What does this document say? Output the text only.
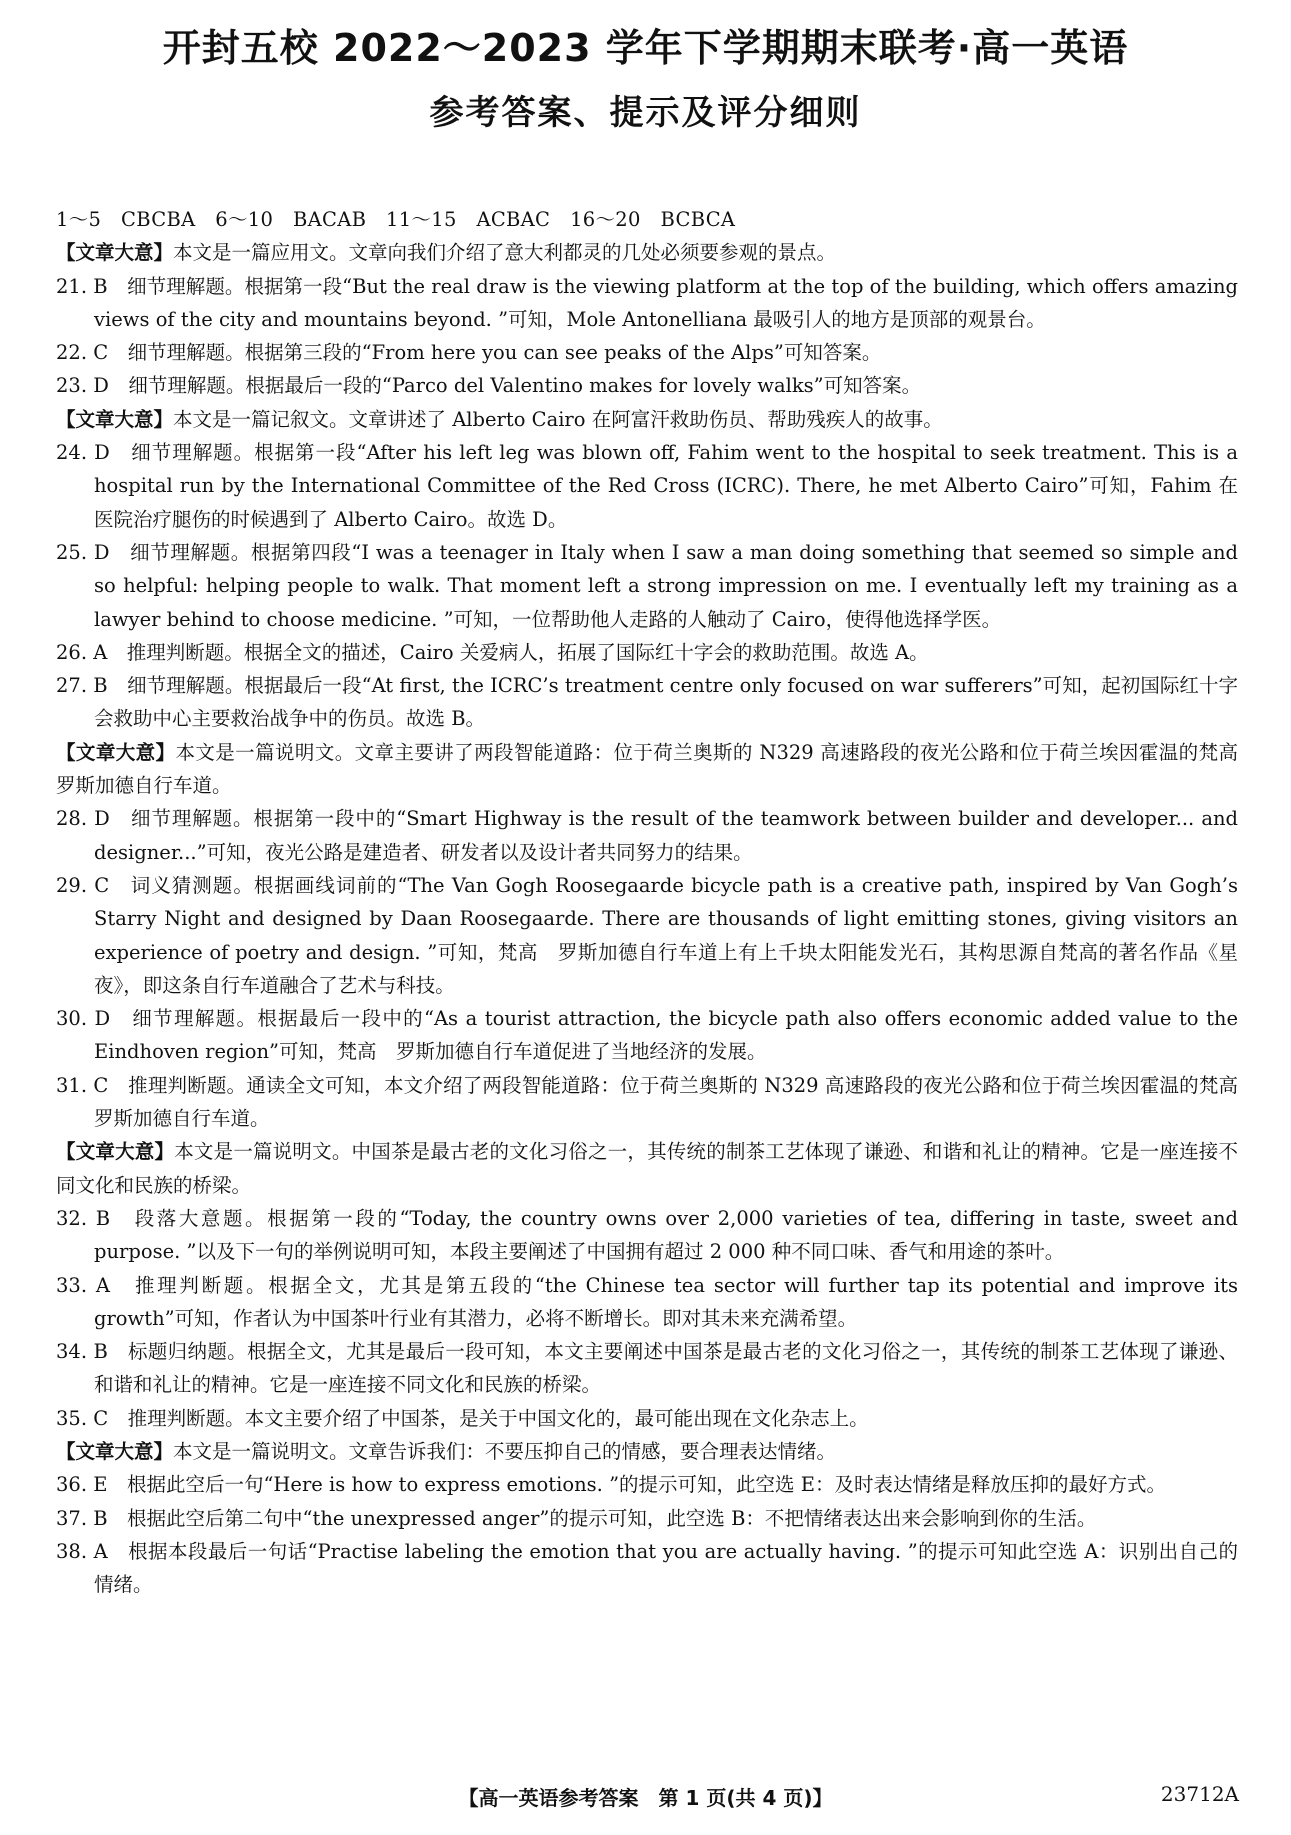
开封五校 2022～2023 学年下学期期末联考·高一英语
参考答案、提示及评分细则
1～5　CBCBA　6～10　BACAB　11～15　ACBAC　16～20　BCBCA
【文章大意】本文是一篇应用文。文章向我们介绍了意大利都灵的几处必须要参观的景点。
21. B　细节理解题。根据第一段“But the real draw is the viewing platform at the top of the building, which offers amazing views of the city and mountains beyond. ”可知，Mole Antonelliana 最吸引人的地方是顶部的观景台。
22. C　细节理解题。根据第三段的“From here you can see peaks of the Alps”可知答案。
23. D　细节理解题。根据最后一段的“Parco del Valentino makes for lovely walks”可知答案。
【文章大意】本文是一篇记叙文。文章讲述了 Alberto Cairo 在阿富汗救助伤员、帮助残疾人的故事。
24. D　细节理解题。根据第一段“After his left leg was blown off, Fahim went to the hospital to seek treatment. This is a hospital run by the International Committee of the Red Cross (ICRC). There, he met Alberto Cairo”可知，Fahim 在医院治疗腿伤的时候遇到了 Alberto Cairo。故选 D。
25. D　细节理解题。根据第四段“I was a teenager in Italy when I saw a man doing something that seemed so simple and so helpful: helping people to walk. That moment left a strong impression on me. I eventually left my training as a lawyer behind to choose medicine. ”可知，一位帮助他人走路的人触动了 Cairo，使得他选择学医。
26. A　推理判断题。根据全文的描述，Cairo 关爱病人，拓展了国际红十字会的救助范围。故选 A。
27. B　细节理解题。根据最后一段“At first, the ICRC’s treatment centre only focused on war sufferers”可知，起初国际红十字会救助中心主要救治战争中的伤员。故选 B。
【文章大意】本文是一篇说明文。文章主要讲了两段智能道路：位于荷兰奥斯的 N329 高速路段的夜光公路和位于荷兰埃因霍温的梵高　罗斯加德自行车道。
28. D　细节理解题。根据第一段中的“Smart Highway is the result of the teamwork between builder and developer... and designer...”可知，夜光公路是建造者、研发者以及设计者共同努力的结果。
29. C　词义猜测题。根据画线词前的“The Van Gogh Roosegaarde bicycle path is a creative path, inspired by Van Gogh’s Starry Night and designed by Daan Roosegaarde. There are thousands of light emitting stones, giving visitors an experience of poetry and design. ”可知，梵高　罗斯加德自行车道上有上千块太阳能发光石，其构思源自梵高的著名作品《星夜》，即这条自行车道融合了艺术与科技。
30. D　细节理解题。根据最后一段中的“As a tourist attraction, the bicycle path also offers economic added value to the Eindhoven region”可知，梵高　罗斯加德自行车道促进了当地经济的发展。
31. C　推理判断题。通读全文可知，本文介绍了两段智能道路：位于荷兰奥斯的 N329 高速路段的夜光公路和位于荷兰埃因霍温的梵高　罗斯加德自行车道。
【文章大意】本文是一篇说明文。中国茶是最古老的文化习俗之一，其传统的制茶工艺体现了谦逊、和谐和礼让的精神。它是一座连接不同文化和民族的桥梁。
32. B　段落大意题。根据第一段的“Today, the country owns over 2,000 varieties of tea, differing in taste, sweet and purpose. ”以及下一句的举例说明可知，本段主要阐述了中国拥有超过 2 000 种不同口味、香气和用途的茶叶。
33. A　推理判断题。根据全文，尤其是第五段的“the Chinese tea sector will further tap its potential and improve its growth”可知，作者认为中国茶叶行业有其潜力，必将不断增长。即对其未来充满希望。
34. B　标题归纳题。根据全文，尤其是最后一段可知，本文主要阐述中国茶是最古老的文化习俗之一，其传统的制茶工艺体现了谦逊、和谐和礼让的精神。它是一座连接不同文化和民族的桥梁。
35. C　推理判断题。本文主要介绍了中国茶，是关于中国文化的，最可能出现在文化杂志上。
【文章大意】本文是一篇说明文。文章告诉我们：不要压抑自己的情感，要合理表达情绪。
36. E　根据此空后一句“Here is how to express emotions. ”的提示可知，此空选 E：及时表达情绪是释放压抑的最好方式。
37. B　根据此空后第二句中“the unexpressed anger”的提示可知，此空选 B：不把情绪表达出来会影响到你的生活。
38. A　根据本段最后一句话“Practise labeling the emotion that you are actually having. ”的提示可知此空选 A：识别出自己的情绪。
【高一英语参考答案　第 1 页(共 4 页)】	23712A
